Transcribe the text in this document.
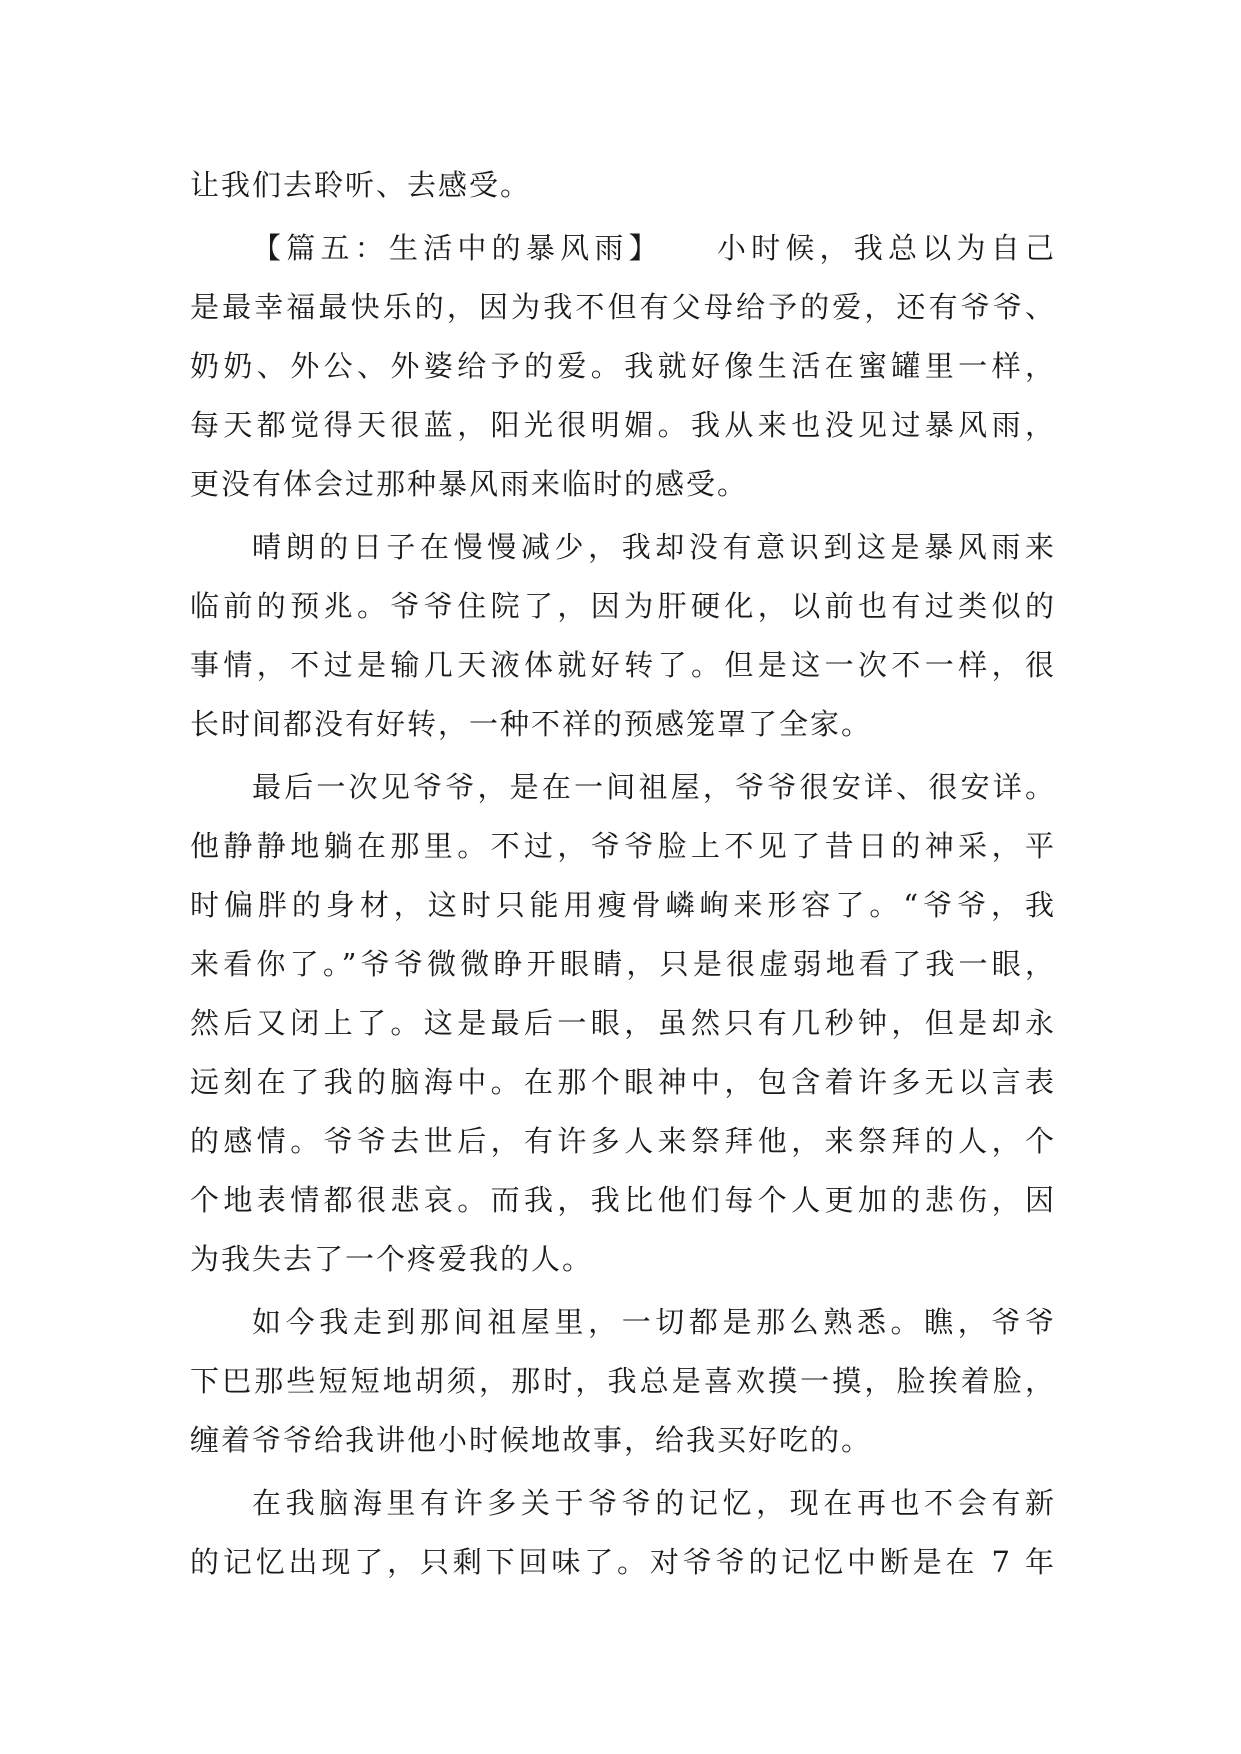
让我们去聆听、去感受。

【篇五：生活中的暴风雨】　　小时候，我总以为自己

是最幸福最快乐的，因为我不但有父母给予的爱，还有爷爷、

奶奶、外公、外婆给予的爱。我就好像生活在蜜罐里一样，

每天都觉得天很蓝，阳光很明媚。我从来也没见过暴风雨，

更没有体会过那种暴风雨来临时的感受。

晴朗的日子在慢慢减少，我却没有意识到这是暴风雨来

临前的预兆。爷爷住院了，因为肝硬化，以前也有过类似的

事情，不过是输几天液体就好转了。但是这一次不一样，很

长时间都没有好转，一种不祥的预感笼罩了全家。

最后一次见爷爷，是在一间祖屋，爷爷很安详、很安详。

他静静地躺在那里。不过，爷爷脸上不见了昔日的神采，平

时偏胖的身材，这时只能用瘦骨嶙峋来形容了。“爷爷，我

来看你了。”爷爷微微睁开眼睛，只是很虚弱地看了我一眼，

然后又闭上了。这是最后一眼，虽然只有几秒钟，但是却永

远刻在了我的脑海中。在那个眼神中，包含着许多无以言表

的感情。爷爷去世后，有许多人来祭拜他，来祭拜的人，个

个地表情都很悲哀。而我，我比他们每个人更加的悲伤，因

为我失去了一个疼爱我的人。

如今我走到那间祖屋里，一切都是那么熟悉。瞧，爷爷

下巴那些短短地胡须，那时，我总是喜欢摸一摸，脸挨着脸，

缠着爷爷给我讲他小时候地故事，给我买好吃的。

在我脑海里有许多关于爷爷的记忆，现在再也不会有新

的记忆出现了，只剩下回味了。对爷爷的记忆中断是在 7 年
